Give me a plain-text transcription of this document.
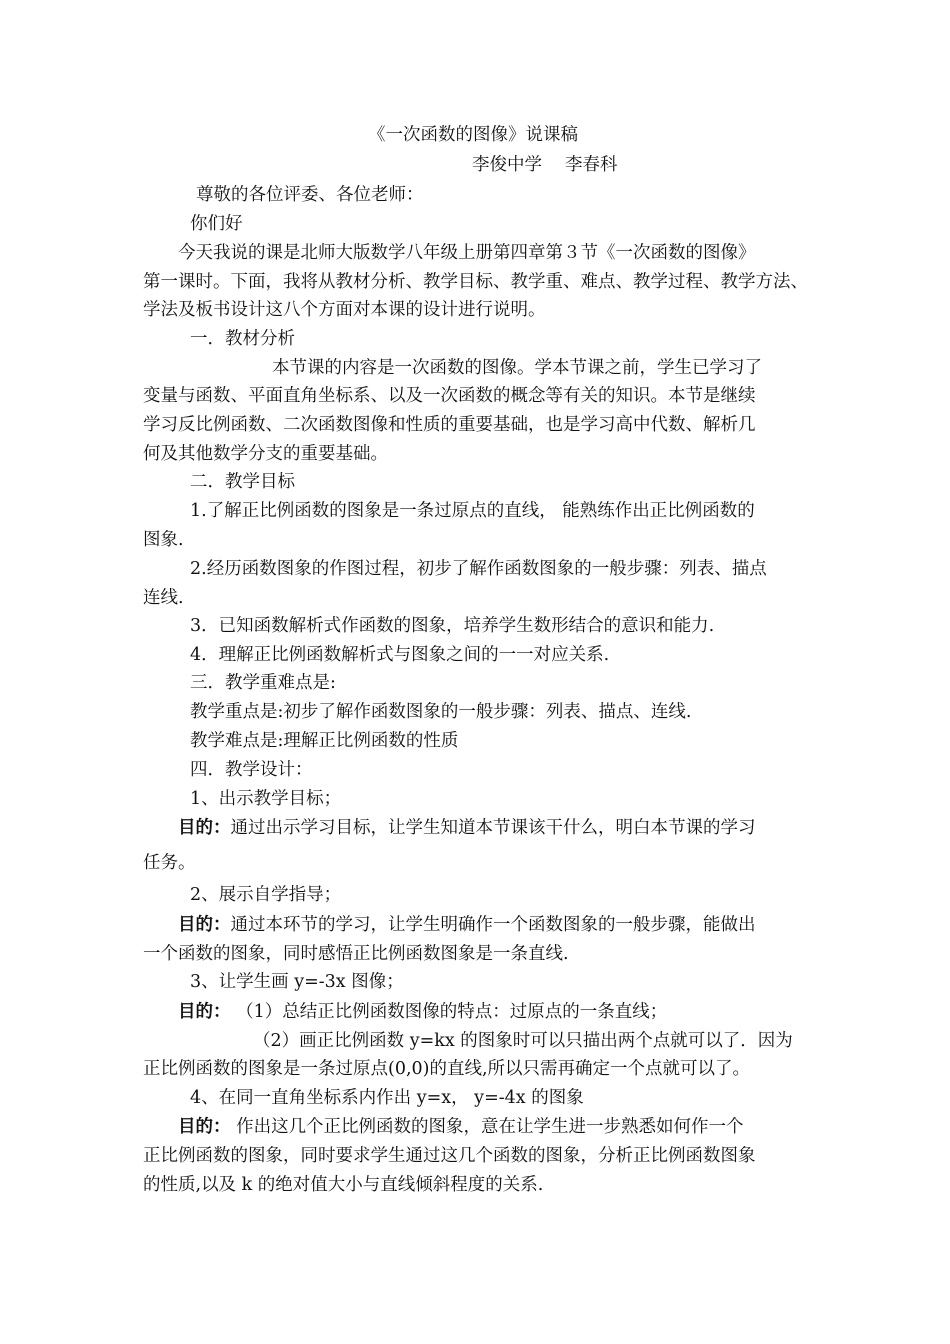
《一次函数的图像》说课稿
李俊中学　 李春科
尊敬的各位评委、各位老师：
你们好
今天我说的课是北师大版数学八年级上册第四章第３节《一次函数的图像》
第一课时。下面，我将从教材分析、教学目标、教学重、难点、教学过程、教学方法、
学法及板书设计这八个方面对本课的设计进行说明。
一．教材分析
本节课的内容是一次函数的图像。学本节课之前，学生已学习了
变量与函数、平面直角坐标系、以及一次函数的概念等有关的知识。本节是继续
学习反比例函数、二次函数图像和性质的重要基础，也是学习高中代数、解析几
何及其他数学分支的重要基础。
二．教学目标
1.了解正比例函数的图象是一条过原点的直线， 能熟练作出正比例函数的
图象.
2.经历函数图象的作图过程，初步了解作函数图象的一般步骤：列表、描点
连线.
3．已知函数解析式作函数的图象，培养学生数形结合的意识和能力.
4．理解正比例函数解析式与图象之间的一一对应关系.
三．教学重难点是:
教学重点是:初步了解作函数图象的一般步骤：列表、描点、连线.
教学难点是:理解正比例函数的性质
四．教学设计：
1、出示教学目标；
目的：通过出示学习目标，让学生知道本节课该干什么，明白本节课的学习
任务。
2、展示自学指导；
目的：通过本环节的学习，让学生明确作一个函数图象的一般步骤，能做出
一个函数的图象，同时感悟正比例函数图象是一条直线.
3、让学生画 y=-3x 图像；
目的： （1）总结正比例函数图像的特点：过原点的一条直线；
（2）画正比例函数 y=kx 的图象时可以只描出两个点就可以了．因为
正比例函数的图象是一条过原点(0,0)的直线,所以只需再确定一个点就可以了。
4、在同一直角坐标系内作出 y=x， y=-4x 的图象
目的： 作出这几个正比例函数的图象，意在让学生进一步熟悉如何作一个
正比例函数的图象，同时要求学生通过这几个函数的图象，分析正比例函数图象
的性质,以及 k 的绝对值大小与直线倾斜程度的关系.
